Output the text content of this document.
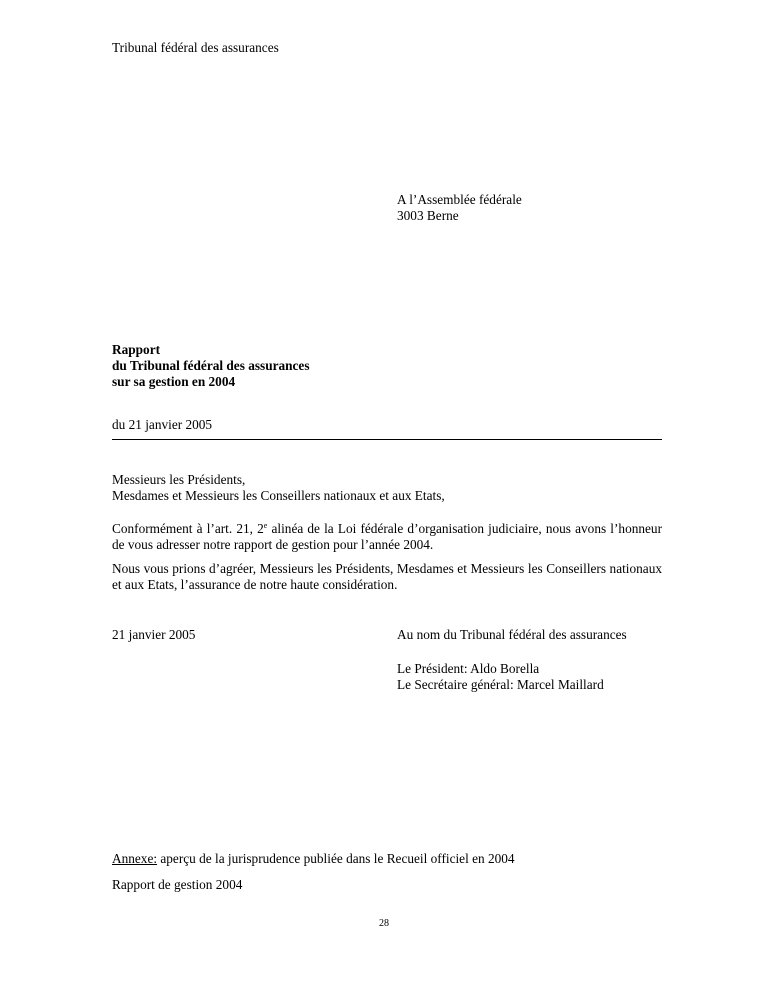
Tribunal fédéral des assurances
A l’Assemblée fédérale
3003 Berne
Rapport
du Tribunal fédéral des assurances
sur sa gestion en 2004
du 21 janvier 2005
Messieurs les Présidents,
Mesdames et Messieurs les Conseillers nationaux et aux Etats,
Conformément à l’art. 21, 2e alinéa de la Loi fédérale d’organisation judiciaire, nous avons l’honneur de vous adresser notre rapport de gestion pour l’année 2004.
Nous vous prions d’agréer, Messieurs les Présidents, Mesdames et Messieurs les Conseillers nationaux et aux Etats, l’assurance de notre haute considération.
21 janvier 2005	Au nom du Tribunal fédéral des assurances
Le Président: Aldo Borella
Le Secrétaire général: Marcel Maillard
Annexe: aperçu de la jurisprudence publiée dans le Recueil officiel en 2004
Rapport de gestion 2004
28
